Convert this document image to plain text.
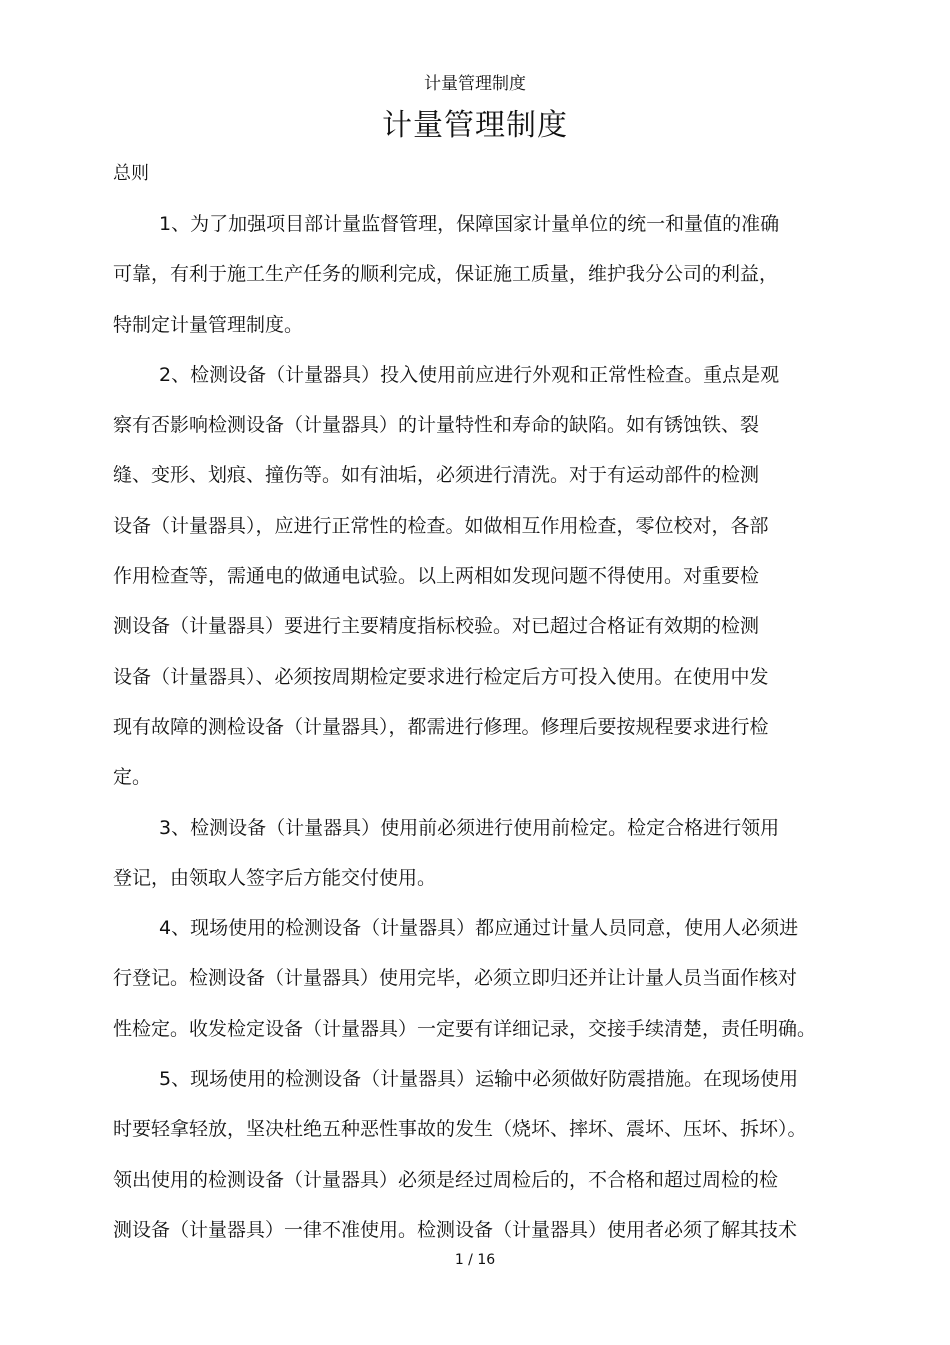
计量管理制度
计量管理制度
总则
1、为了加强项目部计量监督管理，保障国家计量单位的统一和量值的准确
可靠，有利于施工生产任务的顺利完成，保证施工质量，维护我分公司的利益，
特制定计量管理制度。
2、检测设备（计量器具）投入使用前应进行外观和正常性检查。重点是观
察有否影响检测设备（计量器具）的计量特性和寿命的缺陷。如有锈蚀铁、裂
缝、变形、划痕、撞伤等。如有油垢，必须进行清洗。对于有运动部件的检测
设备（计量器具），应进行正常性的检查。如做相互作用检查，零位校对，各部
作用检查等，需通电的做通电试验。以上两相如发现问题不得使用。对重要检
测设备（计量器具）要进行主要精度指标校验。对已超过合格证有效期的检测
设备（计量器具）、必须按周期检定要求进行检定后方可投入使用。在使用中发
现有故障的测检设备（计量器具），都需进行修理。修理后要按规程要求进行检
定。
3、检测设备（计量器具）使用前必须进行使用前检定。检定合格进行领用
登记，由领取人签字后方能交付使用。
4、现场使用的检测设备（计量器具）都应通过计量人员同意，使用人必须进
行登记。检测设备（计量器具）使用完毕，必须立即归还并让计量人员当面作核对
性检定。收发检定设备（计量器具）一定要有详细记录，交接手续清楚，责任明确。
5、现场使用的检测设备（计量器具）运输中必须做好防震措施。在现场使用
时要轻拿轻放，坚决杜绝五种恶性事故的发生（烧坏、摔坏、震坏、压坏、拆坏）。
领出使用的检测设备（计量器具）必须是经过周检后的，不合格和超过周检的检
测设备（计量器具）一律不准使用。检测设备（计量器具）使用者必须了解其技术
1 / 16
